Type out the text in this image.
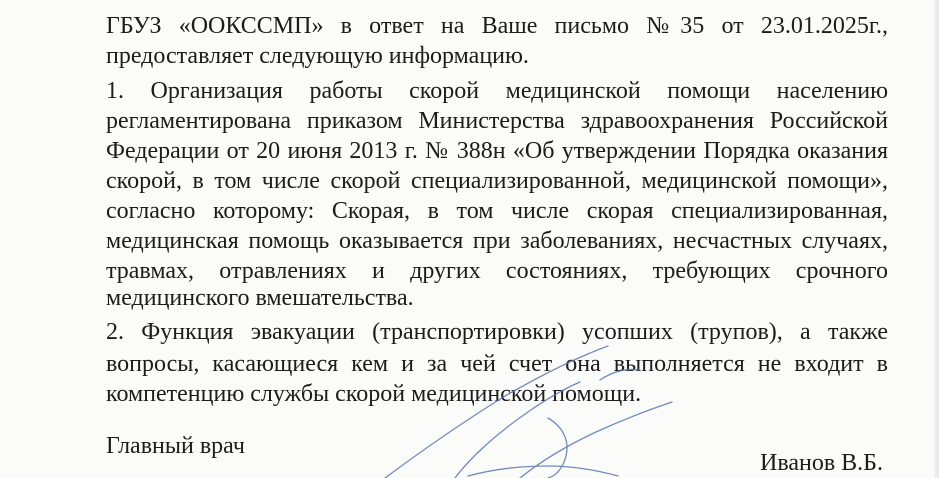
ГБУЗ «ООКССМП» в ответ на Ваше письмо №35 от 23.01.2025г.,
предоставляет следующую информацию.
1. Организация работы скорой медицинской помощи населению
регламентирована приказом Министерства здравоохранения Российской
Федерации от 20 июня 2013 г. № 388н «Об утверждении Порядка оказания
скорой, в том числе скорой специализированной, медицинской помощи»,
согласно которому: Скорая, в том числе скорая специализированная,
медицинская помощь оказывается при заболеваниях, несчастных случаях,
травмах, отравлениях и других состояниях, требующих срочного
медицинского вмешательства.
2. Функция эвакуации (транспортировки) усопших (трупов), а также
вопросы, касающиеся кем и за чей счет она выполняется не входит в
компетенцию службы скорой медицинской помощи.
Главный врач
Иванов В.Б.
